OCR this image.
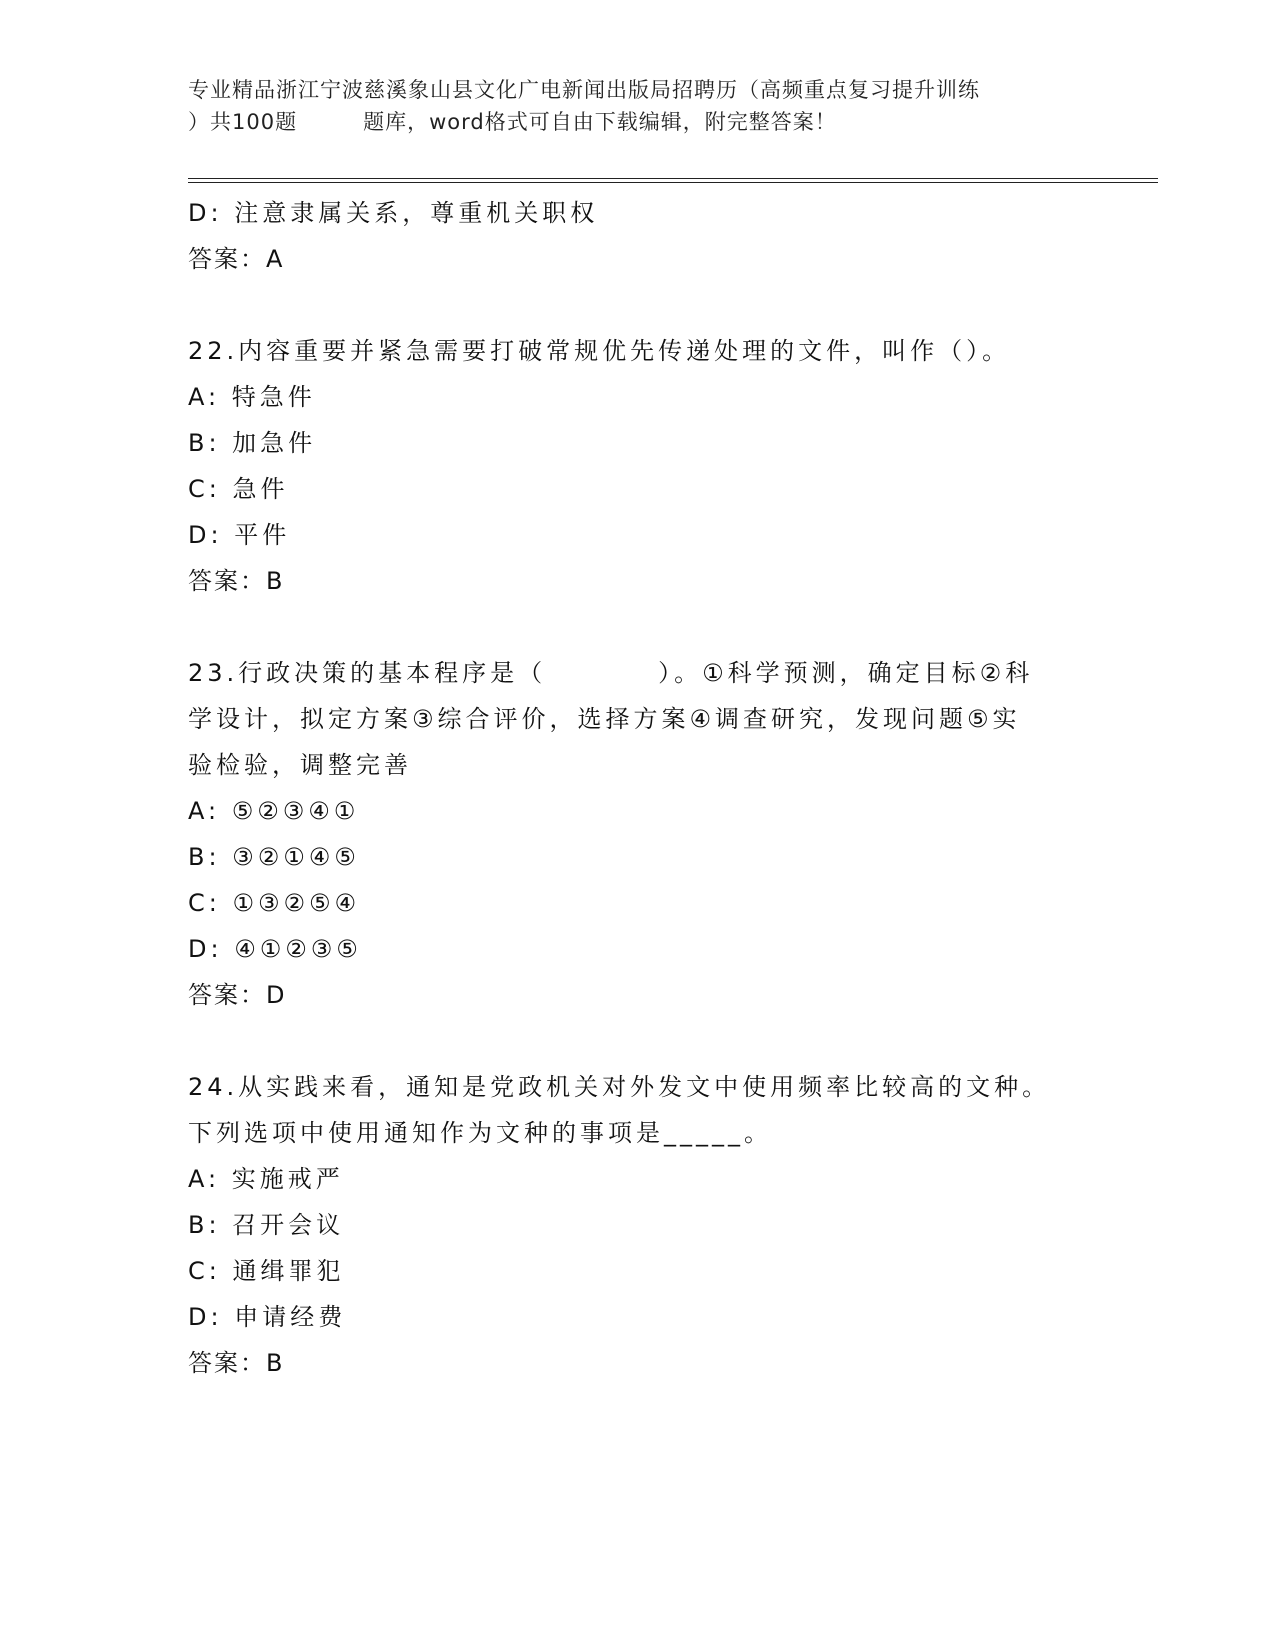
专业精品浙江宁波慈溪象山县文化广电新闻出版局招聘历（高频重点复习提升训练
）共100题　　　题库，word格式可自由下载编辑，附完整答案！
D: 注意隶属关系，尊重机关职权
答案：A
22.内容重要并紧急需要打破常规优先传递处理的文件，叫作（）。
A: 特急件
B: 加急件
C: 急件
D: 平件
答案：B
23.行政决策的基本程序是（　　　　）。①科学预测，确定目标②科
学设计，拟定方案③综合评价，选择方案④调查研究，发现问题⑤实
验检验，调整完善
A: ⑤②③④①
B: ③②①④⑤
C: ①③②⑤④
D: ④①②③⑤
答案：D
24.从实践来看，通知是党政机关对外发文中使用频率比较高的文种。
下列选项中使用通知作为文种的事项是_____。
A: 实施戒严
B: 召开会议
C: 通缉罪犯
D: 申请经费
答案：B
